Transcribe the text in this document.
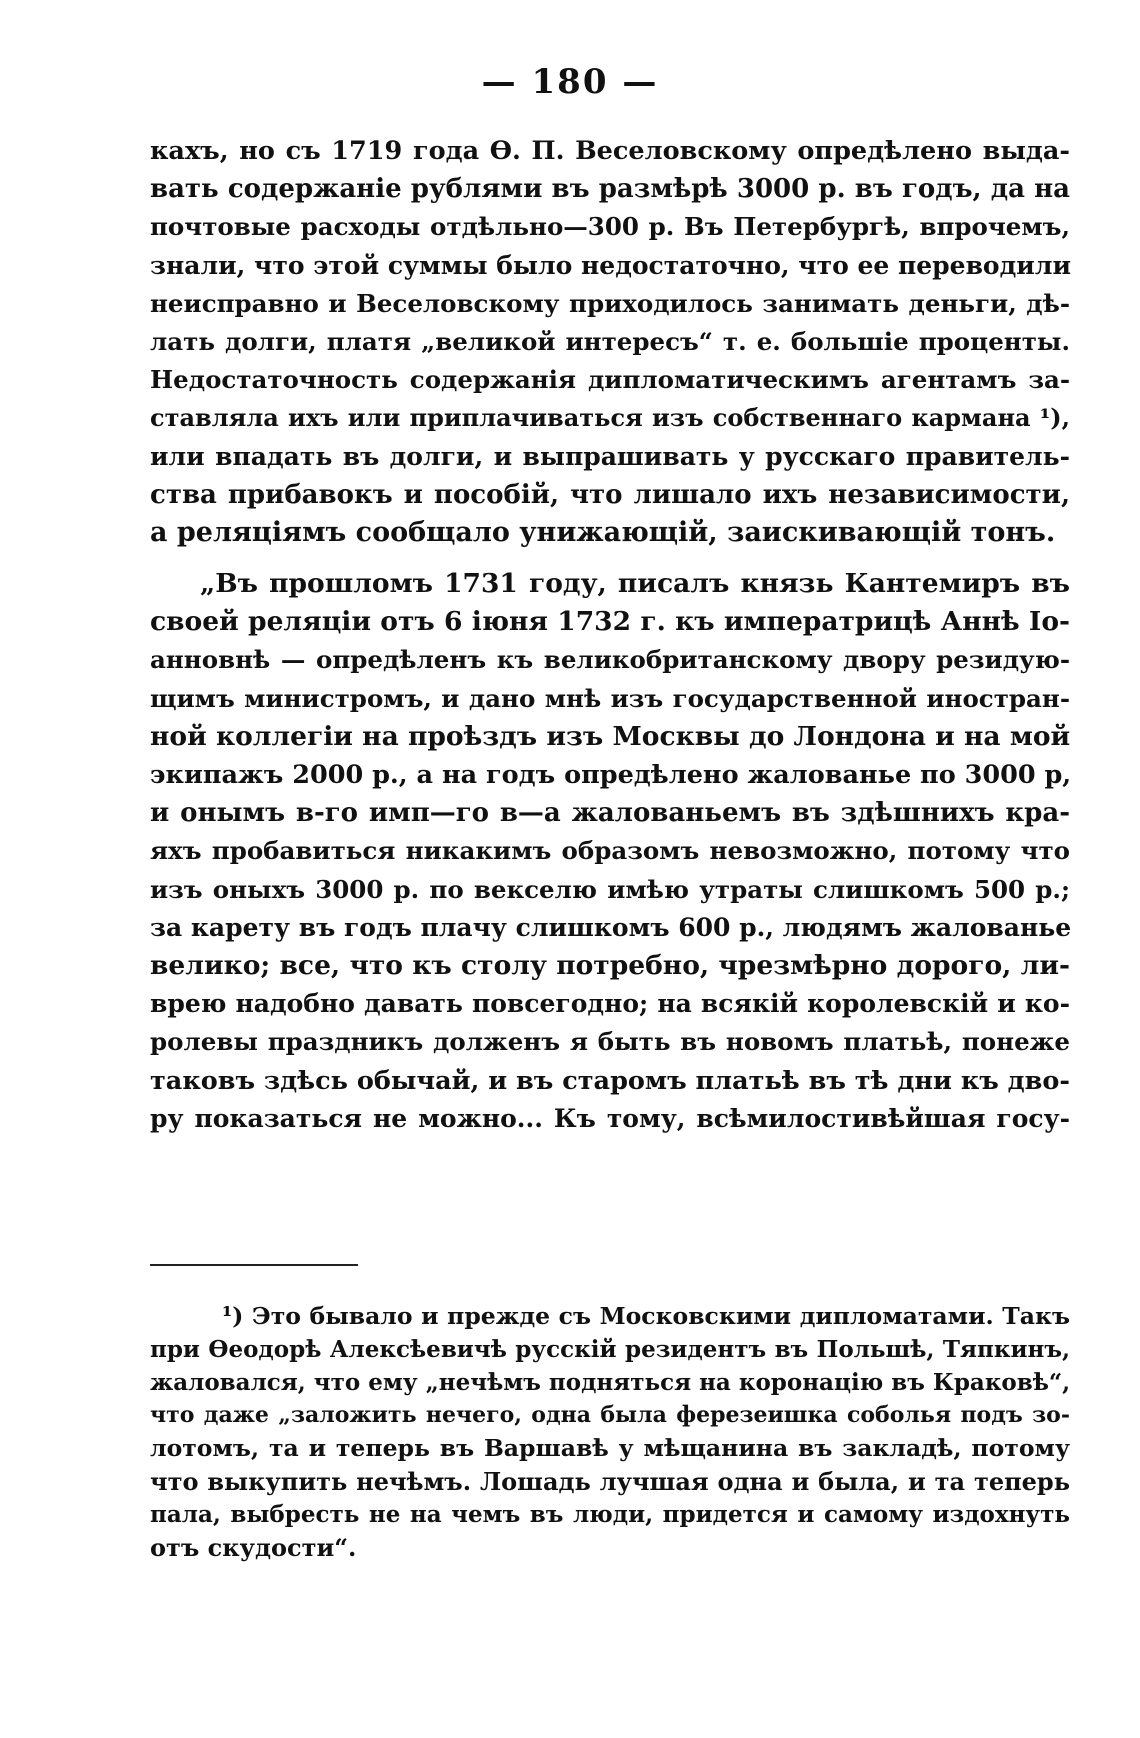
— 180 —
кахъ, но съ 1719 года Ѳ. П. Веселовскому опредѣлено выда-
вать содержаніе рублями въ размѣрѣ 3000 р. въ годъ, да на
почтовые расходы отдѣльно—300 р. Въ Петербургѣ, впрочемъ,
знали, что этой суммы было недостаточно, что ее переводили
неисправно и Веселовскому приходилось занимать деньги, дѣ-
лать долги, платя „великой интересъ“ т. е. большіе проценты.
Недостаточность содержанія дипломатическимъ агентамъ за-
ставляла ихъ или приплачиваться изъ собственнаго кармана ¹),
или впадать въ долги, и выпрашивать у русскаго правитель-
ства прибавокъ и пособій, что лишало ихъ независимости,
а реляціямъ сообщало унижающій, заискивающій тонъ.
„Въ прошломъ 1731 году, писалъ князь Кантемиръ въ
своей реляціи отъ 6 іюня 1732 г. къ императрицѣ Аннѣ Іо-
анновнѣ — опредѣленъ къ великобританскому двору резидую-
щимъ министромъ, и дано мнѣ изъ государственной иностран-
ной коллегіи на проѣздъ изъ Москвы до Лондона и на мой
экипажъ 2000 р., а на годъ опредѣлено жалованье по 3000 р,
и онымъ в-го имп—го в—а жалованьемъ въ здѣшнихъ кра-
яхъ пробавиться никакимъ образомъ невозможно, потому что
изъ оныхъ 3000 р. по векселю имѣю утраты слишкомъ 500 р.;
за карету въ годъ плачу слишкомъ 600 р., людямъ жалованье
велико; все, что къ столу потребно, чрезмѣрно дорого, ли-
врею надобно давать повсегодно; на всякій королевскій и ко-
ролевы праздникъ долженъ я быть въ новомъ платьѣ, понеже
таковъ здѣсь обычай, и въ старомъ платьѣ въ тѣ дни къ дво-
ру показаться не можно... Къ тому, всѣмилостивѣйшая госу-
¹) Это бывало и прежде съ Московскими дипломатами. Такъ
при Ѳеодорѣ Алексѣевичѣ русскій резидентъ въ Польшѣ, Тяпкинъ,
жаловался, что ему „нечѣмъ подняться на коронацію въ Краковѣ“,
что даже „заложить нечего, одна была ферезеишка соболья подъ зо-
лотомъ, та и теперь въ Варшавѣ у мѣщанина въ закладѣ, потому
что выкупить нечѣмъ. Лошадь лучшая одна и была, и та теперь
пала, выбресть не на чемъ въ люди, придется и самому издохнуть
отъ скудости“.
